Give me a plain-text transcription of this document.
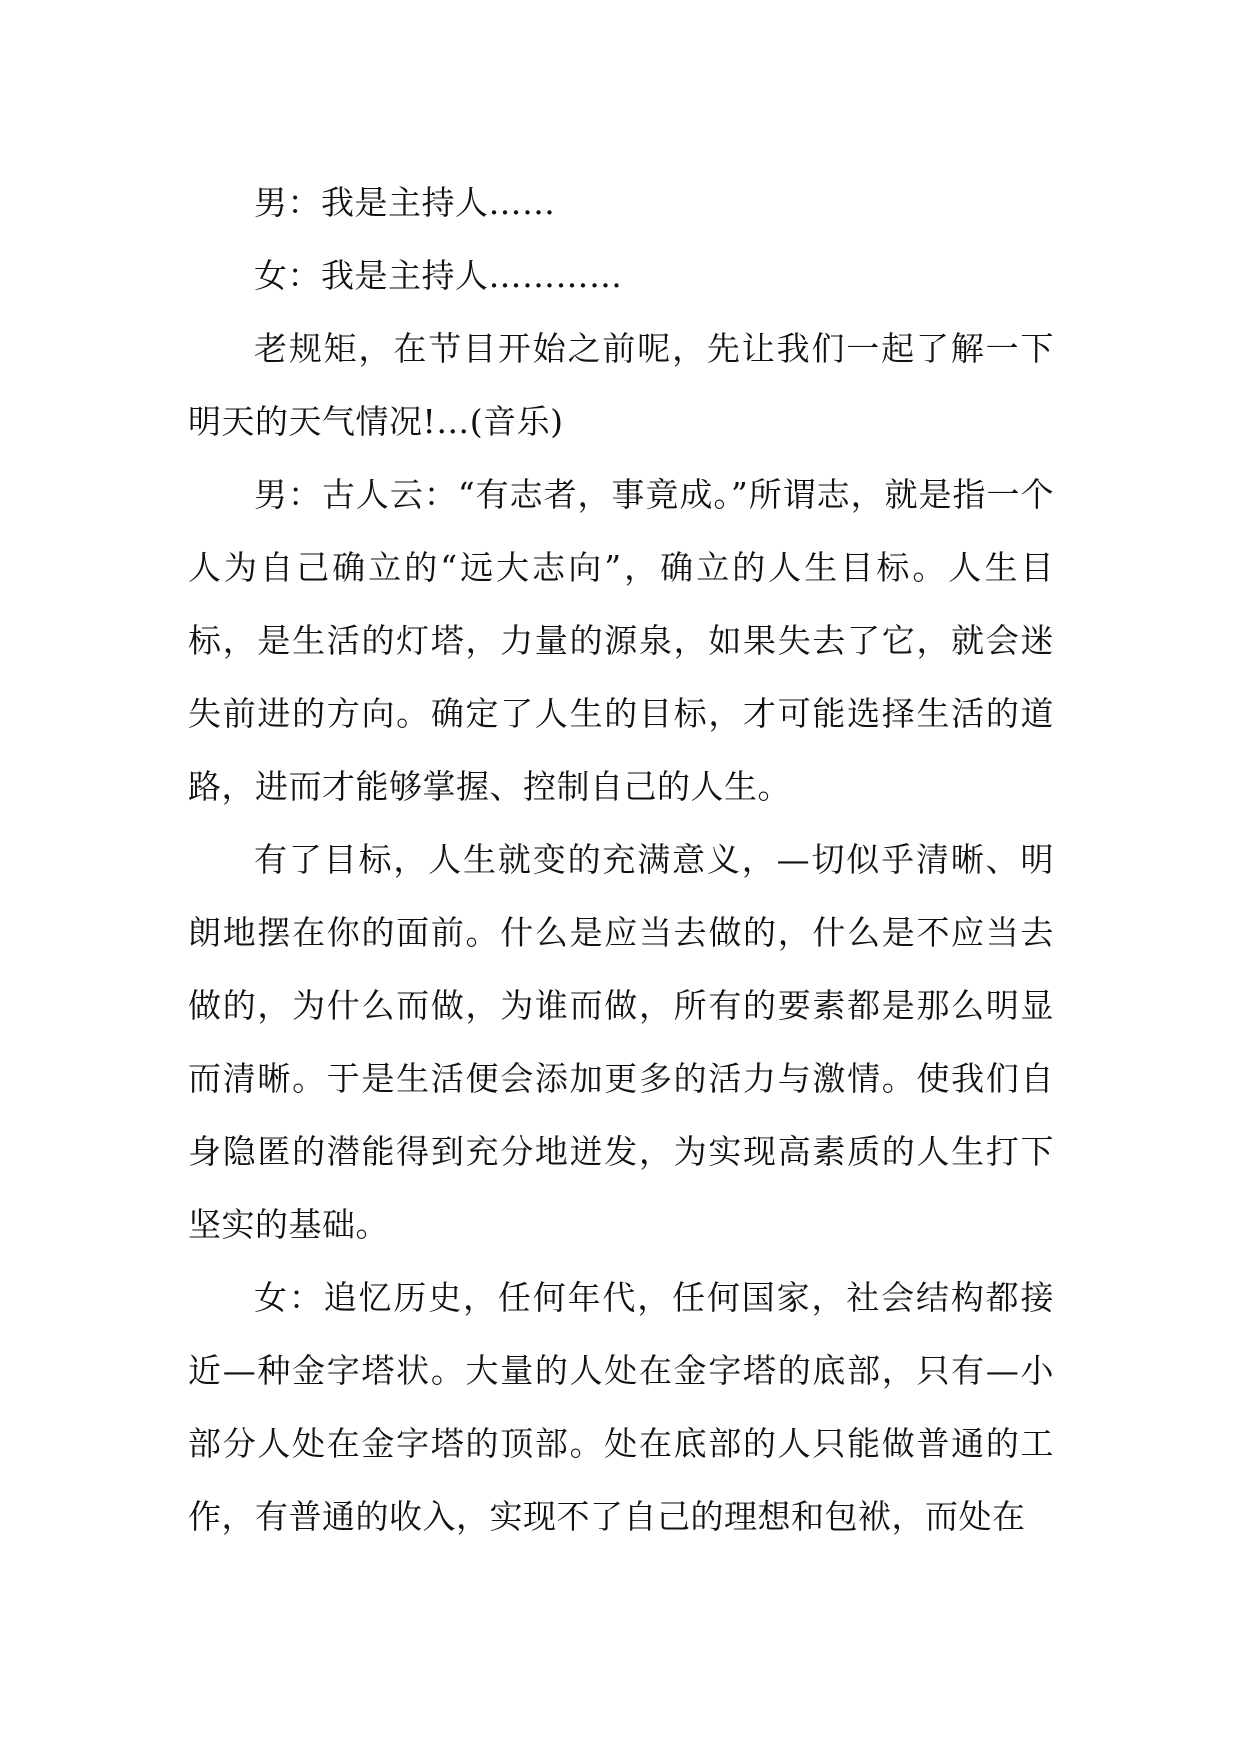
男：我是主持人……

女：我是主持人…………

老规矩，在节目开始之前呢，先让我们一起了解一下明天的天气情况!…(音乐)

男：古人云：“有志者，事竟成。”所谓志，就是指一个人为自己确立的“远大志向”，确立的人生目标。人生目标，是生活的灯塔，力量的源泉，如果失去了它，就会迷失前进的方向。确定了人生的目标，才可能选择生活的道路，进而才能够掌握、控制自己的人生。

有了目标，人生就变的充满意义，—切似乎清晰、明朗地摆在你的面前。什么是应当去做的，什么是不应当去做的，为什么而做，为谁而做，所有的要素都是那么明显而清晰。于是生活便会添加更多的活力与激情。使我们自身隐匿的潜能得到充分地迸发，为实现高素质的人生打下坚实的基础。

女：追忆历史，任何年代，任何国家，社会结构都接近—种金字塔状。大量的人处在金字塔的底部，只有—小部分人处在金字塔的顶部。处在底部的人只能做普通的工作，有普通的收入，实现不了自己的理想和包袱，而处在
